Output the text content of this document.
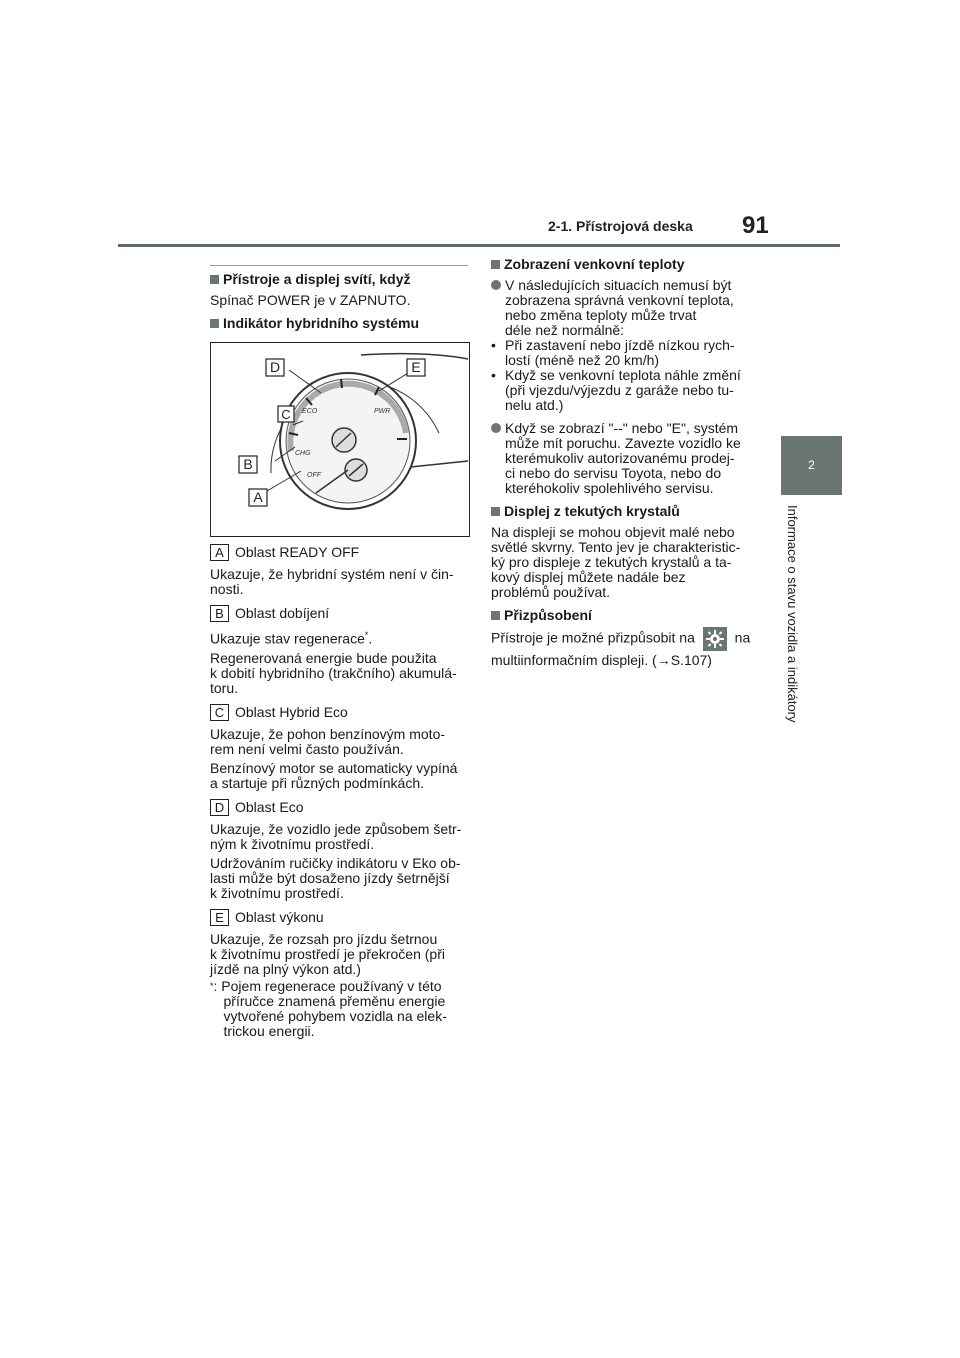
2-1. Přístrojová deska 91
2
Informace o stavu vozidla a indikátory

Přístroje a displej svítí, když

Spínač POWER je v ZAPNUTO.

Indikátor hybridního systému

ECO	PWR
CHG
OFF
D	E
C
B
A

A Oblast READY OFF

Ukazuje, že hybridní systém není v čin-

nosti.

B Oblast dobíjení

Ukazuje stav regenerace*.

Regenerovaná energie bude použita

k dobití hybridního (trakčního) akumulá-

toru.

C Oblast Hybrid Eco

Ukazuje, že pohon benzínovým moto-

rem není velmi často používán.

Benzínový motor se automaticky vypíná

a startuje při různých podmínkách.

D Oblast Eco

Ukazuje, že vozidlo jede způsobem šetr-

ným k životnímu prostředí.

Udržováním ručičky indikátoru v Eko ob-

lasti může být dosaženo jízdy šetrnější

k životnímu prostředí.

E Oblast výkonu

Ukazuje, že rozsah pro jízdu šetrnou

k životnímu prostředí je překročen (při

jízdě na plný výkon atd.)

* : Pojem regenerace používaný v této

příručce znamená přeměnu energie

vytvořené pohybem vozidla na elek-

trickou energii.

Zobrazení venkovní teploty

V následujících situacích nemusí být

zobrazena správná venkovní teplota,

nebo změna teploty může trvat

déle než normálně:

• Při zastavení nebo jízdě nízkou rych-

lostí (méně než 20 km/h)

• Když se venkovní teplota náhle změní

(při vjezdu/výjezdu z garáže nebo tu-

nelu atd.)

Když se zobrazí "--" nebo "E", systém

může mít poruchu. Zavezte vozidlo ke

kterémukoliv autorizovanému prodej-

ci nebo do servisu Toyota, nebo do

kteréhokoliv spolehlivého servisu.

Displej z tekutých krystalů

Na displeji se mohou objevit malé nebo

světlé skvrny. Tento jev je charakteristic-

ký pro displeje z tekutých krystalů a ta-

kový displej můžete nadále bez

problémů používat.

Přizpůsobení

Přístroje je možné přizpůsobit na	na

multiinformačním displeji. (→S.107)
